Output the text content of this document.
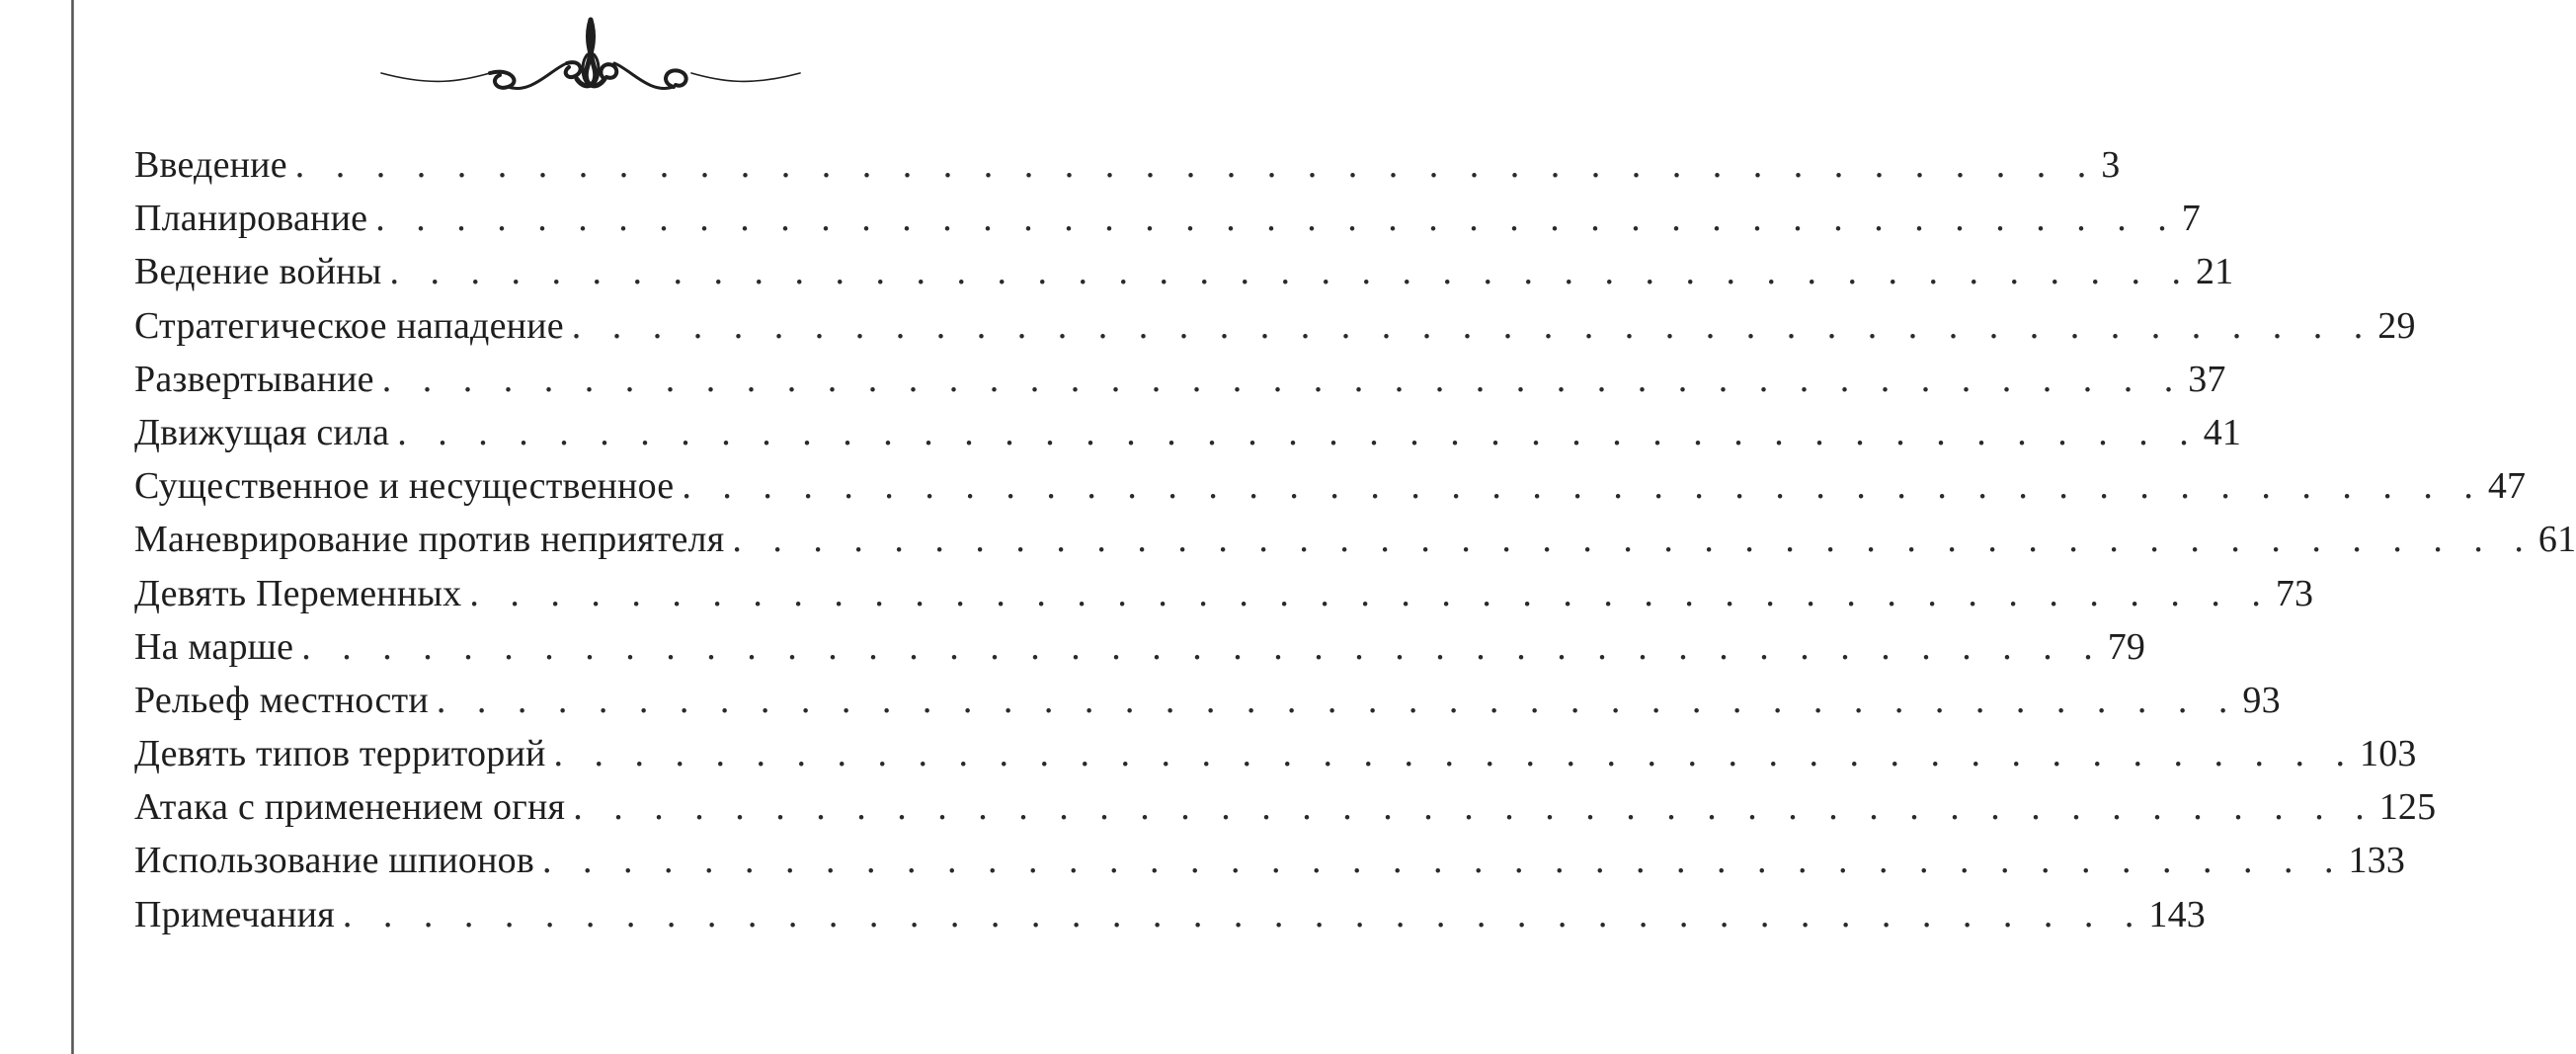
Введение . . . . . . . . . . . . . . . . . . . . . . . . . . . . . . . . . . . . . . . . . . . . . 3
Планирование . . . . . . . . . . . . . . . . . . . . . . . . . . . . . . . . . . . . . . . . . . . . . 7
Ведение войны . . . . . . . . . . . . . . . . . . . . . . . . . . . . . . . . . . . . . . . . . . . . . 21
Стратегическое нападение . . . . . . . . . . . . . . . . . . . . . . . . . . . . . . . . . . . . . . . . . . . . . 29
Развертывание . . . . . . . . . . . . . . . . . . . . . . . . . . . . . . . . . . . . . . . . . . . . . 37
Движущая сила . . . . . . . . . . . . . . . . . . . . . . . . . . . . . . . . . . . . . . . . . . . . . 41
Существенное и несущественное . . . . . . . . . . . . . . . . . . . . . . . . . . . . . . . . . . . . . . . . . . . . . 47
Маневрирование против неприятеля . . . . . . . . . . . . . . . . . . . . . . . . . . . . . . . . . . . . . . . . . . . . . 61
Девять Переменных . . . . . . . . . . . . . . . . . . . . . . . . . . . . . . . . . . . . . . . . . . . . . 73
На марше . . . . . . . . . . . . . . . . . . . . . . . . . . . . . . . . . . . . . . . . . . . . . 79
Рельеф местности . . . . . . . . . . . . . . . . . . . . . . . . . . . . . . . . . . . . . . . . . . . . . 93
Девять типов территорий . . . . . . . . . . . . . . . . . . . . . . . . . . . . . . . . . . . . . . . . . . . . . 103
Атака с применением огня . . . . . . . . . . . . . . . . . . . . . . . . . . . . . . . . . . . . . . . . . . . . . 125
Использование шпионов . . . . . . . . . . . . . . . . . . . . . . . . . . . . . . . . . . . . . . . . . . . . . 133
Примечания . . . . . . . . . . . . . . . . . . . . . . . . . . . . . . . . . . . . . . . . . . . . . 143
